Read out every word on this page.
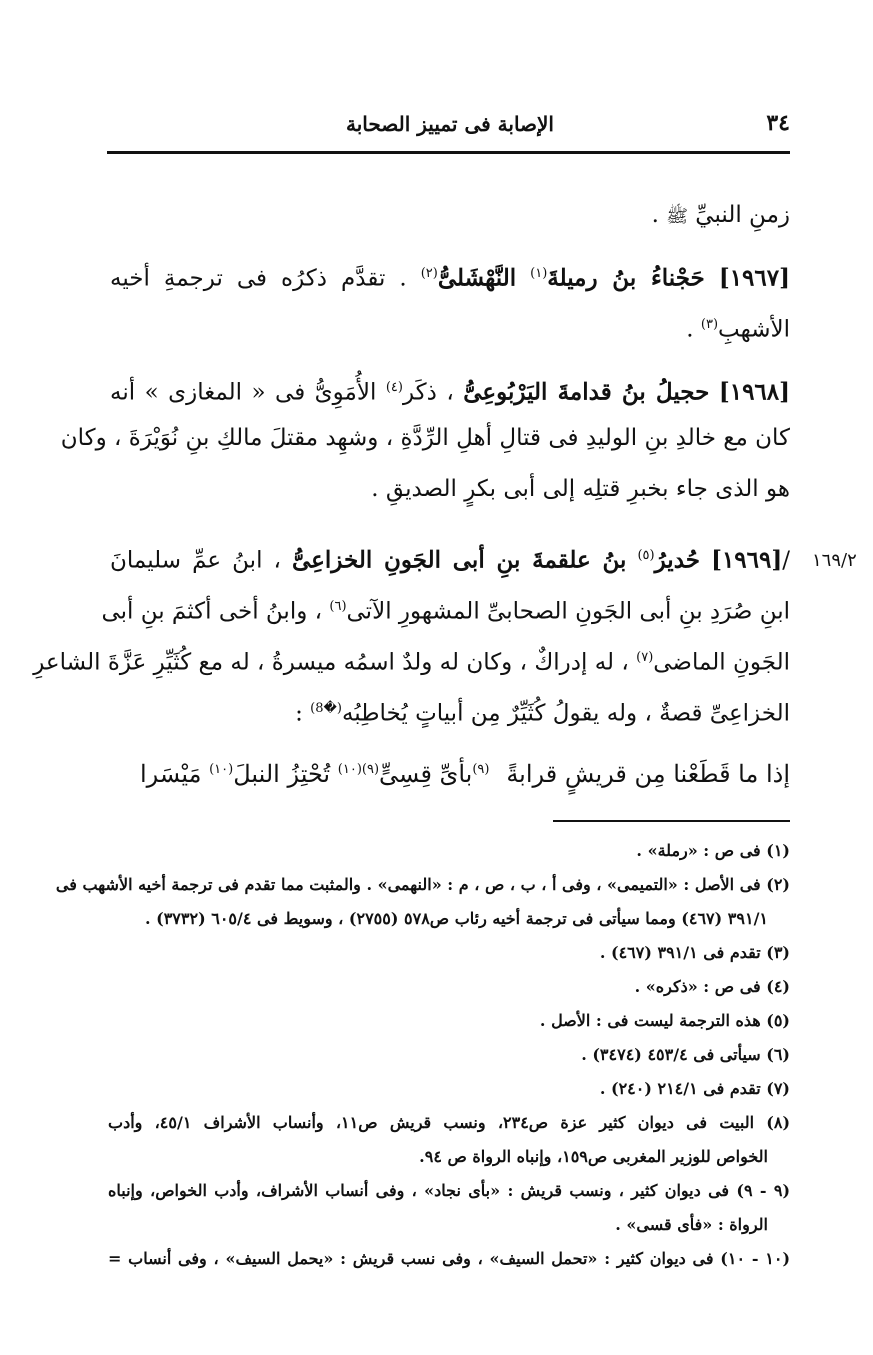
٣٤
الإصابة فى تمييز الصحابة
١٦٩/٢
زمنِ النبيِّ ﷺ .
[١٩٦٧] حَجْناءُ بنُ رميلةَ$^{(١)}$ النَّهْشَلىُّ$^{(٢)}$ . تقدَّم ذكرُه فى ترجمةِ أخيه
الأشهبِ$^{(٣)}$ .
[١٩٦٨] حجيلُ بنُ قدامةَ اليَرْبُوعِىُّ ، ذكَر$^{(٤)}$ الأُمَوِىُّ فى « المغازى » أنه
كان مع خالدِ بنِ الوليدِ فى قتالِ أهلِ الرِّدَّةِ ، وشهِد مقتلَ مالكِ بنِ نُوَيْرَةَ ، وكان
هو الذى جاء بخبرِ قتلِه إلى أبى بكرٍ الصديقِ .
/[١٩٦٩] حُديرُ$^{(٥)}$ بنُ علقمةَ بنِ أبى الجَونِ الخزاعِىُّ ، ابنُ عمِّ سليمانَ
ابنِ صُرَدِ بنِ أبى الجَونِ الصحابىِّ المشهورِ الآتى$^{(٦)}$ ، وابنُ أخى أكثمَ بنِ أبى
الجَونِ الماضى$^{(٧)}$ ، له إدراكٌ ، وكان له ولدٌ اسمُه ميسرةُ ، له مع كُثَيِّرِ عَزَّةَ الشاعرِ
الخزاعِىِّ قصةٌ ، وله يقولُ كُثَيِّرٌ مِن أبياتٍ يُخاطِبُه$^{(�8)}$ :
إذا ما قَطَعْنا مِن قريشٍ قرابةً
$^{(٩)}$بأىِّ قِسِىٍّ$^{(٩)(١٠)}$ تُحْتِزُ النبلَ$^{(١٠)}$ مَيْسَرا
(١) فى ص : «رملة» .
(٢) فى الأصل : «التميمى» ، وفى أ ، ب ، ص ، م : «النهمى» . والمثبت مما تقدم فى ترجمة أخيه الأشهب فى
٣٩١/١ (٤٦٧) ومما سيأتى فى ترجمة أخيه رئاب ص٥٧٨ (٢٧٥٥) ، وسويط فى ٦٠٥/٤ (٣٧٣٢) .
(٣) تقدم فى ٣٩١/١ (٤٦٧) .
(٤) فى ص : «ذكره» .
(٥) هذه الترجمة ليست فى : الأصل .
(٦) سيأتى فى ٤٥٣/٤ (٣٤٧٤) .
(٧) تقدم فى ٢١٤/١ (٢٤٠) .
(٨) البيت فى ديوان كثير عزة ص٢٣٤، ونسب قريش ص١١، وأنساب الأشراف ٤٥/١، وأدب
الخواص للوزير المغربى ص١٥٩، وإنباه الرواة ص ٩٤.
(٩ - ٩) فى ديوان كثير ، ونسب قريش : «بأى نجاد» ، وفى أنساب الأشراف، وأدب الخواص، وإنباه
الرواة : «فأى قسى» .
(١٠ - ١٠) فى ديوان كثير : «تحمل السيف» ، وفى نسب قريش : «يحمل السيف» ، وفى أنساب =
